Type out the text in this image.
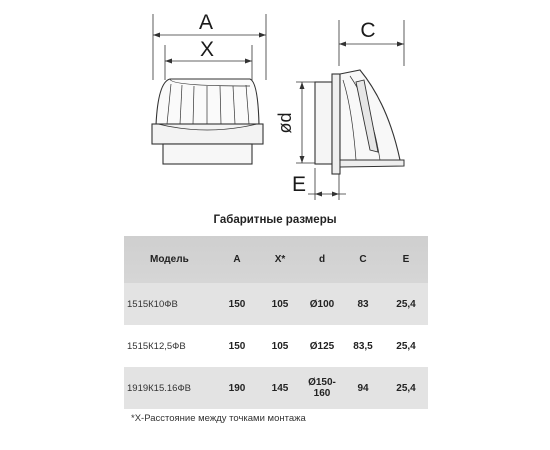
A
X
C
ød
E
Габаритные размеры
Модель	A	X*	d	C	E
1515К10ФВ	150	105	Ø100	83	25,4
1515К12,5ФВ	150	105	Ø125	83,5	25,4
1919К15.16ФВ	190	145	Ø150-160	94	25,4
*X-Расстояние между точками монтажа
